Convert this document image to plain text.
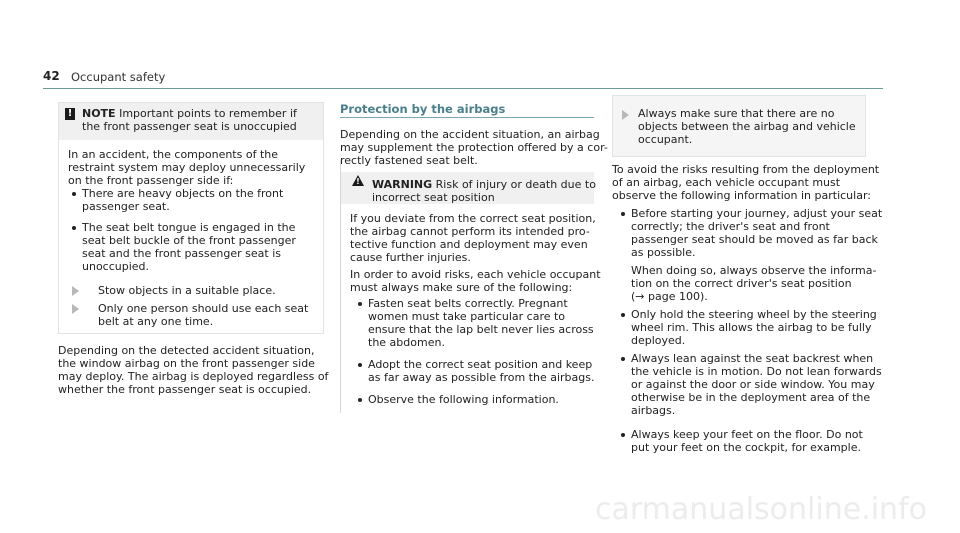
42 Occupant safety
! NOTE Important points to remember if
the front passenger seat is unoccupied
In an accident, the components of the
restraint system may deploy unnecessarily
on the front passenger side if:
There are heavy objects on the front
passenger seat.
The seat belt tongue is engaged in the
seat belt buckle of the front passenger
seat and the front passenger seat is
unoccupied.
Stow objects in a suitable place.
Only one person should use each seat
belt at any one time.
Depending on the detected accident situation,
the window airbag on the front passenger side
may deploy. The airbag is deployed regardless of
whether the front passenger seat is occupied.
Protection by the airbags
Depending on the accident situation, an airbag
may supplement the protection offered by a cor-
rectly fastened seat belt.
! WARNING Risk of injury or death due to
incorrect seat position
If you deviate from the correct seat position,
the airbag cannot perform its intended pro-
tective function and deployment may even
cause further injuries.
In order to avoid risks, each vehicle occupant
must always make sure of the following:
Fasten seat belts correctly. Pregnant
women must take particular care to
ensure that the lap belt never lies across
the abdomen.
Adopt the correct seat position and keep
as far away as possible from the airbags.
Observe the following information.
Always make sure that there are no
objects between the airbag and vehicle
occupant.
To avoid the risks resulting from the deployment
of an airbag, each vehicle occupant must
observe the following information in particular:
Before starting your journey, adjust your seat
correctly; the driver's seat and front
passenger seat should be moved as far back
as possible.
When doing so, always observe the informa-
tion on the correct driver's seat position
(→ page 100).
Only hold the steering wheel by the steering
wheel rim. This allows the airbag to be fully
deployed.
Always lean against the seat backrest when
the vehicle is in motion. Do not lean forwards
or against the door or side window. You may
otherwise be in the deployment area of the
airbags.
Always keep your feet on the floor. Do not
put your feet on the cockpit, for example.
carmanualsonline.info
